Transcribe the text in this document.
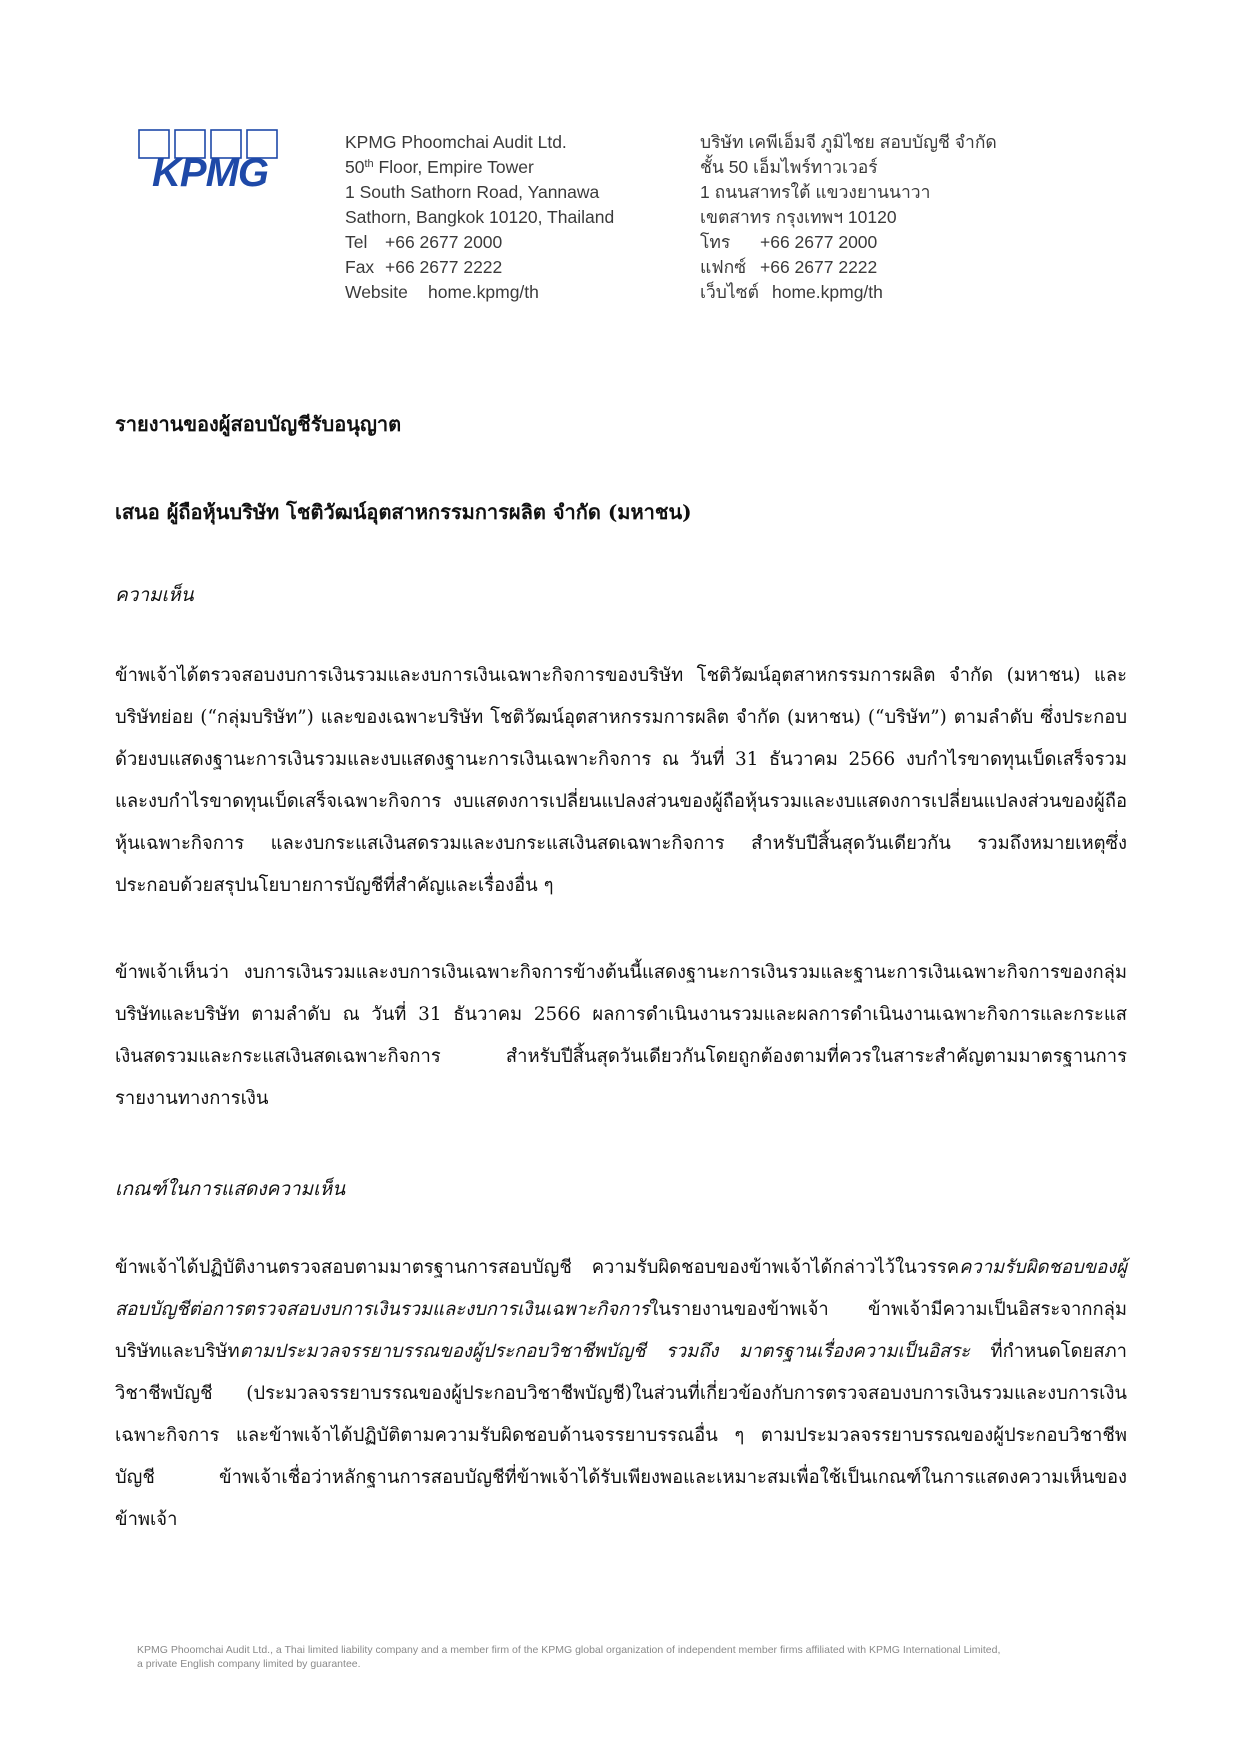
KPMG
KPMG Phoomchai Audit Ltd.
50th Floor, Empire Tower
1 South Sathorn Road, Yannawa
Sathorn, Bangkok 10120, Thailand
Tel +66 2677 2000
Fax +66 2677 2222
Website home.kpmg/th
บริษัท เคพีเอ็มจี ภูมิไชย สอบบัญชี จำกัด
ชั้น 50 เอ็มไพร์ทาวเวอร์
1 ถนนสาทรใต้ แขวงยานนาวา
เขตสาทร กรุงเทพฯ 10120
โทร +66 2677 2000
แฟกซ์ +66 2677 2222
เว็บไซต์ home.kpmg/th
รายงานของผู้สอบบัญชีรับอนุญาต
เสนอ ผู้ถือหุ้นบริษัท โชติวัฒน์อุตสาหกรรมการผลิต จำกัด (มหาชน)
ความเห็น
ข้าพเจ้าได้ตรวจสอบงบการเงินรวมและงบการเงินเฉพาะกิจการของบริษัท โชติวัฒน์อุตสาหกรรมการผลิต จำกัด (มหาชน) และบริษัทย่อย (“กลุ่มบริษัท”) และของเฉพาะบริษัท โชติวัฒน์อุตสาหกรรมการผลิต จำกัด (มหาชน) (“บริษัท”) ตามลำดับ ซึ่งประกอบด้วยงบแสดงฐานะการเงินรวมและงบแสดงฐานะการเงินเฉพาะกิจการ ณ วันที่ 31 ธันวาคม 2566 งบกำไรขาดทุนเบ็ดเสร็จรวมและงบกำไรขาดทุนเบ็ดเสร็จเฉพาะกิจการ งบแสดงการเปลี่ยนแปลงส่วนของผู้ถือหุ้นรวมและงบแสดงการเปลี่ยนแปลงส่วนของผู้ถือหุ้นเฉพาะกิจการ และงบกระแสเงินสดรวมและงบกระแสเงินสดเฉพาะกิจการ สำหรับปีสิ้นสุดวันเดียวกัน รวมถึงหมายเหตุซึ่งประกอบด้วยสรุปนโยบายการบัญชีที่สำคัญและเรื่องอื่น ๆ
ข้าพเจ้าเห็นว่า งบการเงินรวมและงบการเงินเฉพาะกิจการข้างต้นนี้แสดงฐานะการเงินรวมและฐานะการเงินเฉพาะกิจการของกลุ่มบริษัทและบริษัท ตามลำดับ ณ วันที่ 31 ธันวาคม 2566 ผลการดำเนินงานรวมและผลการดำเนินงานเฉพาะกิจการและกระแสเงินสดรวมและกระแสเงินสดเฉพาะกิจการ สำหรับปีสิ้นสุดวันเดียวกันโดยถูกต้องตามที่ควรในสาระสำคัญตามมาตรฐานการรายงานทางการเงิน
เกณฑ์ในการแสดงความเห็น
ข้าพเจ้าได้ปฏิบัติงานตรวจสอบตามมาตรฐานการสอบบัญชี ความรับผิดชอบของข้าพเจ้าได้กล่าวไว้ในวรรคความรับผิดชอบของผู้สอบบัญชีต่อการตรวจสอบงบการเงินรวมและงบการเงินเฉพาะกิจการในรายงานของข้าพเจ้า ข้าพเจ้ามีความเป็นอิสระจากกลุ่มบริษัทและบริษัทตามประมวลจรรยาบรรณของผู้ประกอบวิชาชีพบัญชี รวมถึง มาตรฐานเรื่องความเป็นอิสระ ที่กำหนดโดยสภาวิชาชีพบัญชี (ประมวลจรรยาบรรณของผู้ประกอบวิชาชีพบัญชี)ในส่วนที่เกี่ยวข้องกับการตรวจสอบงบการเงินรวมและงบการเงินเฉพาะกิจการ และข้าพเจ้าได้ปฏิบัติตามความรับผิดชอบด้านจรรยาบรรณอื่น ๆ ตามประมวลจรรยาบรรณของผู้ประกอบวิชาชีพบัญชี ข้าพเจ้าเชื่อว่าหลักฐานการสอบบัญชีที่ข้าพเจ้าได้รับเพียงพอและเหมาะสมเพื่อใช้เป็นเกณฑ์ในการแสดงความเห็นของข้าพเจ้า
KPMG Phoomchai Audit Ltd., a Thai limited liability company and a member firm of the KPMG global organization of independent member firms affiliated with KPMG International Limited,
a private English company limited by guarantee.
